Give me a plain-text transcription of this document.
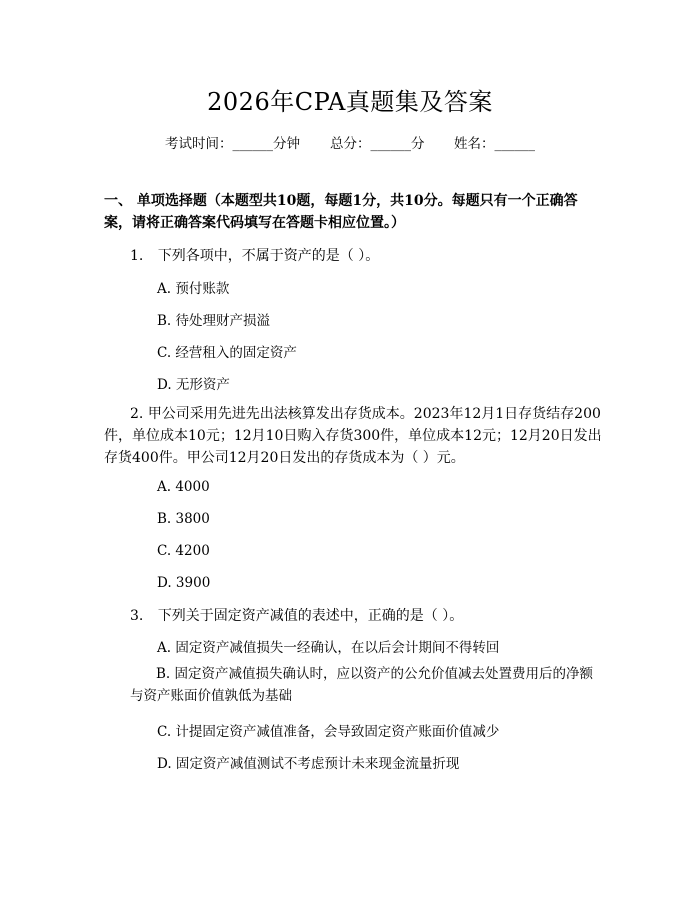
2026年CPA真题集及答案
考试时间：______分钟 总分：______分 姓名：______
一、 单项选择题（本题型共10题，每题1分，共10分。每题只有一个正确答案，请将正确答案代码填写在答题卡相应位置。）
1. 下列各项中，不属于资产的是（ ）。
A. 预付账款
B. 待处理财产损溢
C. 经营租入的固定资产
D. 无形资产
2. 甲公司采用先进先出法核算发出存货成本。2023年12月1日存货结存200件，单位成本10元；12月10日购入存货300件，单位成本12元；12月20日发出存货400件。甲公司12月20日发出的存货成本为（ ）元。
A. 4000
B. 3800
C. 4200
D. 3900
3. 下列关于固定资产减值的表述中，正确的是（ ）。
A. 固定资产减值损失一经确认，在以后会计期间不得转回
B. 固定资产减值损失确认时，应以资产的公允价值减去处置费用后的净额与资产账面价值孰低为基础
C. 计提固定资产减值准备，会导致固定资产账面价值减少
D. 固定资产减值测试不考虑预计未来现金流量折现
